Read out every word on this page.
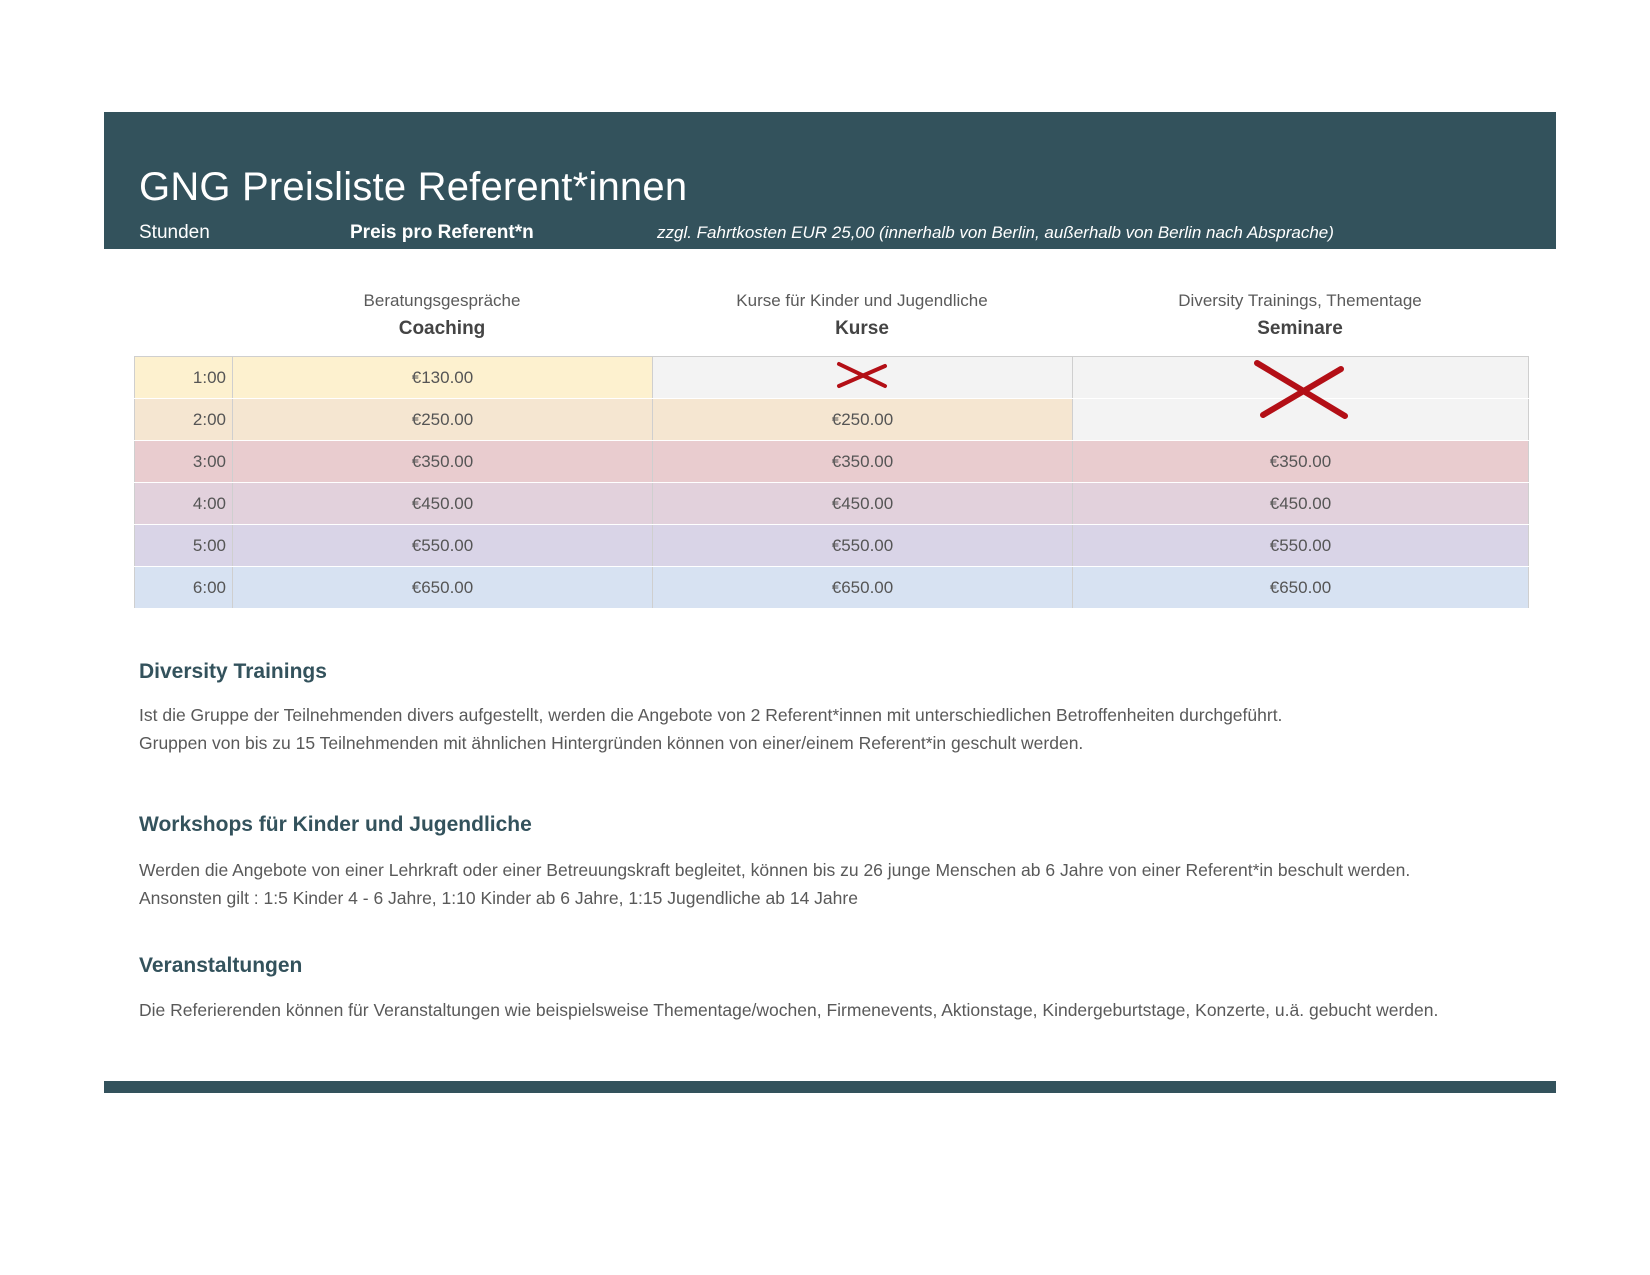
GNG Preisliste Referent*innen
Stunden	Preis pro Referent*n	zzgl. Fahrtkosten EUR 25,00 (innerhalb von Berlin, außerhalb von Berlin nach Absprache)
Beratungsgespräche
Coaching
Kurse für Kinder und Jugendliche
Kurse
Diversity Trainings, Thementage
Seminare
1:00	€130.00		
2:00	€250.00	€250.00	
3:00	€350.00	€350.00	€350.00
4:00	€450.00	€450.00	€450.00
5:00	€550.00	€550.00	€550.00
6:00	€650.00	€650.00	€650.00
Diversity Trainings

Ist die Gruppe der Teilnehmenden divers aufgestellt, werden die Angebote von 2 Referent*innen mit unterschiedlichen Betroffenheiten durchgeführt.

Gruppen von bis zu 15 Teilnehmenden mit ähnlichen Hintergründen können von einer/einem Referent*in geschult werden.

Workshops für Kinder und Jugendliche

Werden die Angebote von einer Lehrkraft oder einer Betreuungskraft begleitet, können bis zu 26 junge Menschen ab 6 Jahre von einer Referent*in beschult werden.

Ansonsten gilt : 1:5 Kinder 4 - 6 Jahre, 1:10 Kinder ab 6 Jahre, 1:15 Jugendliche ab 14 Jahre

Veranstaltungen

Die Referierenden können für Veranstaltungen wie beispielsweise Thementage/wochen, Firmenevents, Aktionstage, Kindergeburtstage, Konzerte, u.ä. gebucht werden.
